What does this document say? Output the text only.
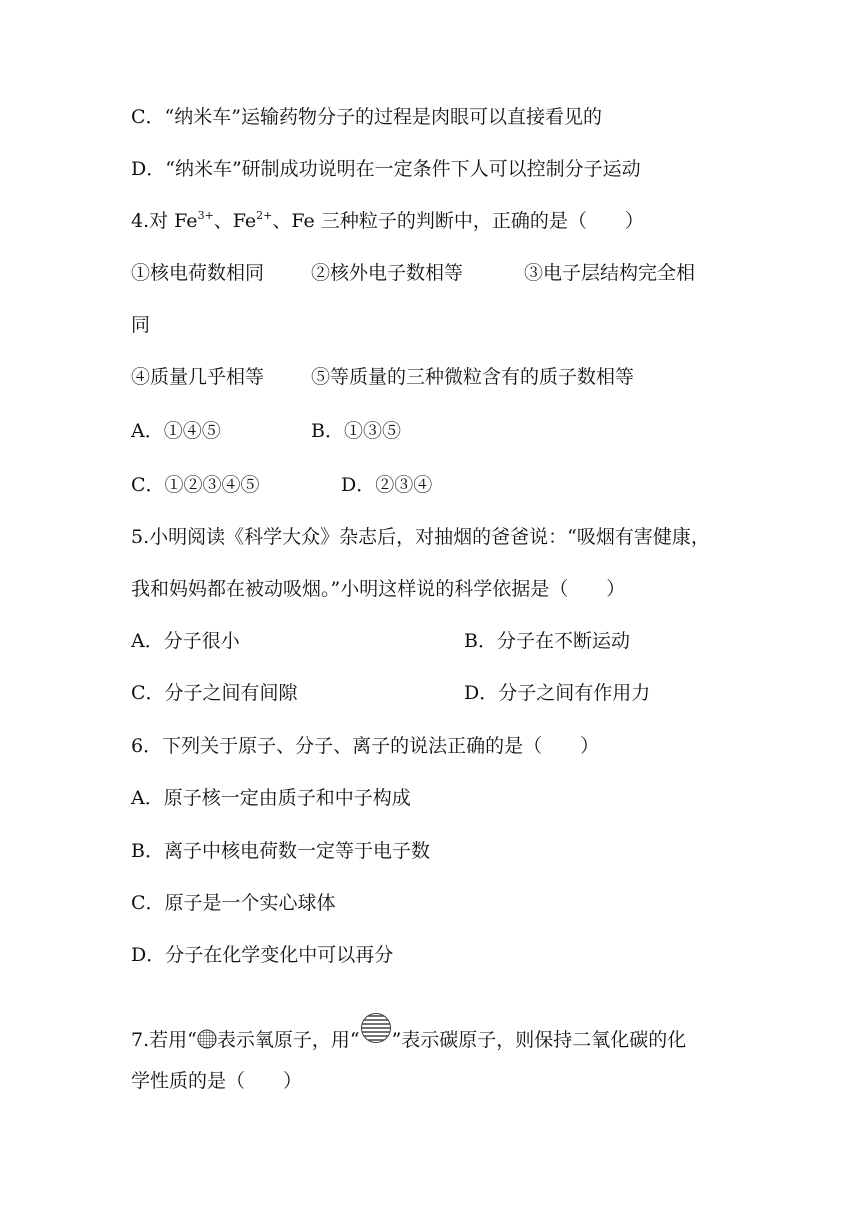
C．“纳米车”运输药物分子的过程是肉眼可以直接看见的
D．“纳米车”研制成功说明在一定条件下人可以控制分子运动
4.对 $Fe^{3+}$、$Fe^{2+}$、Fe 三种粒子的判断中，正确的是（　　）
①核电荷数相同 ②核外电子数相等	③电子层结构完全相
同
④质量几乎相等 ⑤等质量的三种微粒含有的质子数相等
A．①④⑤	B．①③⑤
C．①②③④⑤	D．②③④
5.小明阅读《科学大众》杂志后，对抽烟的爸爸说：“吸烟有害健康，
我和妈妈都在被动吸烟。”小明这样说的科学依据是（　　）
A．分子很小	B．分子在不断运动
C．分子之间有间隙	D．分子之间有作用力
6．下列关于原子、分子、离子的说法正确的是（　　）
A．原子核一定由质子和中子构成
B．离子中核电荷数一定等于电子数
C．原子是一个实心球体
D．分子在化学变化中可以再分
7.若用“ 表示氧原子，用“ ”表示碳原子，则保持二氧化碳的化
学性质的是（　　）
